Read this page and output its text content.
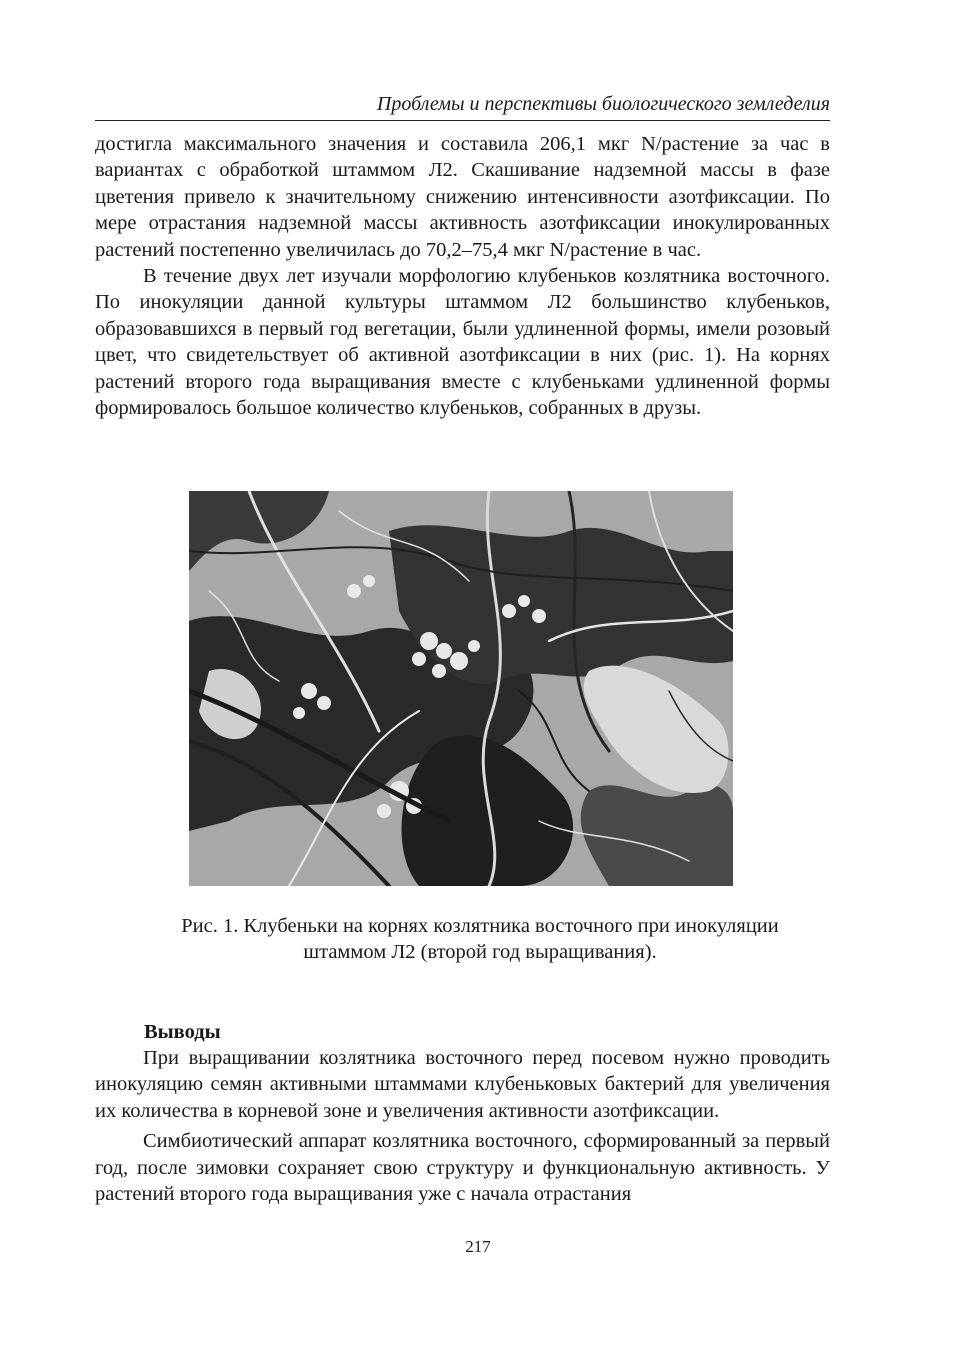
Проблемы и перспективы биологического земледелия

достигла максимального значения и составила 206,1 мкг N/растение за час в вариантах с обработкой штаммом Л2. Скашивание надземной массы в фазе цветения привело к значительному снижению интенсивности азотфиксации. По мере отрастания надземной массы активность азотфиксации инокулированных растений постепенно увеличилась до 70,2–75,4 мкг N/растение в час.

В течение двух лет изучали морфологию клубеньков козлятника восточного. По инокуляции данной культуры штаммом Л2 большинство клубеньков, образовавшихся в первый год вегетации, были удлиненной формы, имели розовый цвет, что свидетельствует об активной азотфиксации в них (рис. 1). На корнях растений второго года выращивания вместе с клубеньками удлиненной формы формировалось большое количество клубеньков, собранных в друзы.

Рис. 1. Клубеньки на корнях козлятника восточного при инокуляции
штаммом Л2 (второй год выращивания).
Выводы

При выращивании козлятника восточного перед посевом нужно проводить инокуляцию семян активными штаммами клубеньковых бактерий для увеличения их количества в корневой зоне и увеличения активности азотфиксации.

Симбиотический аппарат козлятника восточного, сформированный за первый год, после зимовки сохраняет свою структуру и функциональную активность. У растений второго года выращивания уже с начала отрастания

217
